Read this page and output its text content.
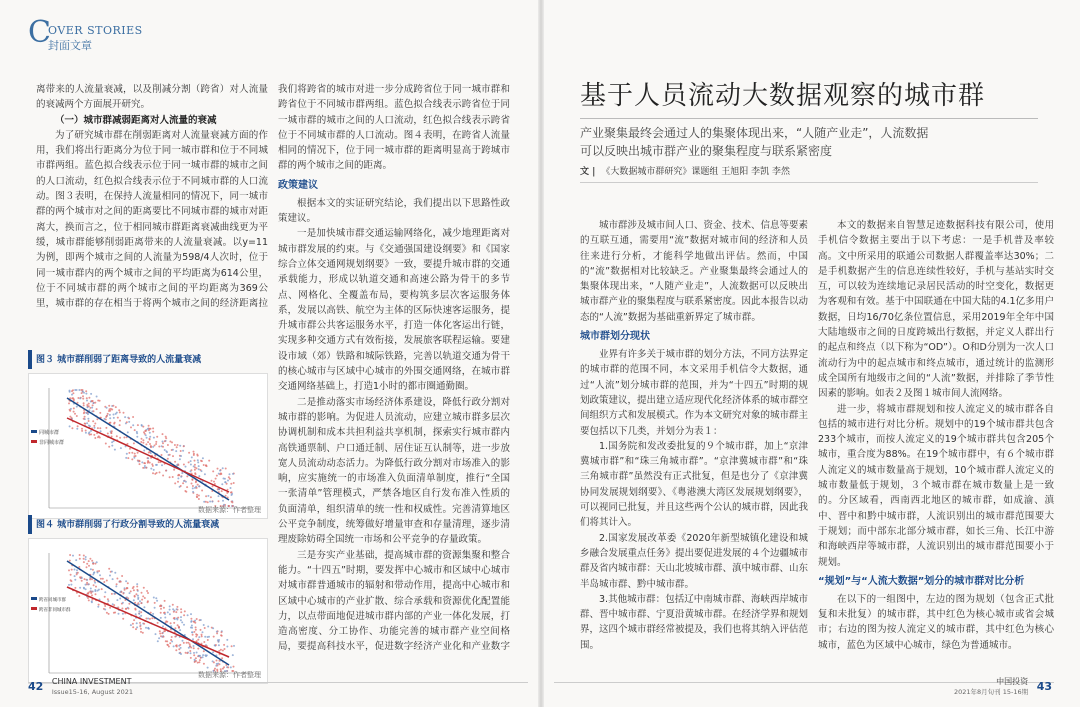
C
OVER STORIES
封面文章

离带来的人流量衰减，以及削减分割（跨省）对人流量的衰减两个方面展开研究。

（一）城市群减弱距离对人流量的衰减

为了研究城市群在削弱距离对人流量衰减方面的作用，我们将出行距离分为位于同一城市群和位于不同城市群两组。蓝色拟合线表示位于同一城市群的城市之间的人口流动，红色拟合线表示位于不同城市群的人口流动。图３表明，在保持人流量相同的情况下，同一城市群的两个城市对之间的距离要比不同城市群的城市对距离大，换而言之，位于相同城市群距离衰减曲线更为平缓，城市群能够削弱距离带来的人流量衰减。以y=11为例，即两个城市之间的人流量为598/4人次时，位于同一城市群内的两个城市之间的平均距离为614公里，位于不同城市群的两个城市之间的平均距离为369公里，城市群的存在相当于将两个城市之间的经济距离拉

图３ 城市群削弱了距离导致的人流量衰减
同城市群
非同城市群
数据来源：作者整理
图４ 城市群削弱了行政分割导致的人流量衰减
跨省同城市群
跨省非同城市群
数据来源：作者整理

我们将跨省的城市对进一步分成跨省位于同一城市群和跨省位于不同城市群两组。蓝色拟合线表示跨省位于同一城市群的城市之间的人口流动，红色拟合线表示跨省位于不同城市群的人口流动。图４表明，在跨省人流量相同的情况下，位于同一城市群的距离明显高于跨城市群的两个城市之间的距离。

政策建议

根据本文的实证研究结论，我们提出以下思路性政策建议。

一是加快城市群交通运输网络化，减少地理距离对城市群发展的约束。与《交通强国建设纲要》和《国家综合立体交通网规划纲要》一致，要提升城市群的交通承载能力，形成以轨道交通和高速公路为骨干的多节点、网格化、全覆盖布局，要构筑多层次客运服务体系，发展以高铁、航空为主体的区际快速客运服务，提升城市群公共客运服务水平，打造一体化客运出行链，实现多种交通方式有效衔接，发展旅客联程运输。要建设市域（郊）铁路和城际铁路，完善以轨道交通为骨干的核心城市与区域中心城市的外围交通网络，在城市群交通网络基础上，打造1小时的都市圈通勤圈。

二是推动落实市场经济体系建设，降低行政分割对城市群的影响。为促进人员流动，应建立城市群多层次协调机制和成本共担利益共享机制，探索实行城市群内高铁通票制、户口通迁制、居住证互认制等，进一步放宽人员流动动态活力。为降低行政分割对市场准入的影响，应实施统一的市场准入负面清单制度，推行“全国一张清单”管理模式，严禁各地区自行发布准入性质的负面清单，组织清单的统一性和权威性。完善清算地区公平竞争制度，统筹做好增量审查和存量清理，逐步清理废除妨碍全国统一市场和公平竞争的存量政策。

三是夯实产业基础，提高城市群的资源集聚和整合能力。“十四五”时期，要发挥中心城市和区域中心城市对城市群普通城市的辐射和带动作用，提高中心城市和区域中心城市的产业扩散、综合承载和资源优化配置能力，以点带面地促进城市群内部的产业一体化发展，打造高密度、分工协作、功能完善的城市群产业空间格局，要提高科技水平，促进数字经济产业化和产业数字

42 CHINA INVESTMENT
Issue15-16, August 2021
基于人员流动大数据观察的城市群
产业聚集最终会通过人的集聚体现出来，“人随产业走”，人流数据
可以反映出城市群产业的聚集程度与联系紧密度
文 | 《大数据城市群研究》课题组 王旭阳 李凯 李然

城市群涉及城市间人口、资金、技术、信息等要素的互联互通，需要用“流”数据对城市间的经济和人员往来进行分析，才能科学地做出评估。然而，中国的“流”数据相对比较缺乏。产业聚集最终会通过人的集聚体现出来，“人随产业走”，人流数据可以反映出城市群产业的聚集程度与联系紧密度。因此本报告以动态的“人流”数据为基础重新界定了城市群。

城市群划分现状

业界有许多关于城市群的划分方法，不同方法界定的城市群的范围不同，本文采用手机信令大数据，通过“人流”划分城市群的范围，并为“十四五”时期的规划政策建议，提出建立适应现代化经济体系的城市群空间组织方式和发展模式。作为本文研究对象的城市群主要包括以下几类，并划分为表１：

1.国务院和发改委批复的９个城市群，加上“京津冀城市群”和“珠三角城市群”。“京津冀城市群”和“珠三角城市群”虽然没有正式批复，但是也分了《京津冀协同发展规划纲要》、《粤港澳大湾区发展规划纲要》，可以视同已批复，并且这些两个公认的城市群，因此我们将其计入。

2.国家发展改革委《2020年新型城镇化建设和城乡融合发展重点任务》提出要促进发展的４个边疆城市群及省内城市群：天山北坡城市群、滇中城市群、山东半岛城市群、黔中城市群。

3.其他城市群：包括辽中南城市群、海峡西岸城市群、晋中城市群、宁夏沿黄城市群。在经济学界和规划界，这四个城市群经常被提及，我们也将其纳入评估范围。

本文的数据来自智慧足迹数据科技有限公司，使用手机信令数据主要出于以下考虑：一是手机普及率较高。文中所采用的联通公司数据人群覆盖率达30%；二是手机数据产生的信息连续性较好，手机与基站实时交互，可以较为连续地记录居民活动的时空变化，数据更为客观和有效。基于中国联通在中国大陆的4.1亿多用户数据，日均16/70亿条位置信息，采用2019年全年中国大陆地级市之间的日度跨城出行数据，并定义人群出行的起点和终点（以下称为“OD”）。O和D分别为一次人口流动行为中的起点城市和终点城市，通过统计的监测形成全国所有地级市之间的“人流”数据，并排除了季节性因素的影响。如表２及图１城市间人流网络。

进一步，将城市群规划和按人流定义的城市群各自包括的城市进行对比分析。规划中的19个城市群共包含233个城市，而按人流定义的19个城市群共包含205个城市，重合度为88%。在19个城市群中，有６个城市群人流定义的城市数量高于规划，10个城市群人流定义的城市数量低于规划，３个城市群在城市数量上是一致的。分区域看，西南西北地区的城市群，如成渝、滇中、晋中和黔中城市群，人流识别出的城市群范围要大于规划；而中部东北部分城市群，如长三角、长江中游和海峡西岸等城市群，人流识别出的城市群范围要小于规划。

“规划”与“人流大数据”划分的城市群对比分析

在以下的一组图中，左边的图为规划（包含正式批复和未批复）的城市群，其中红色为核心城市或省会城市；右边的图为按人流定义的城市群，其中红色为核心城市，蓝色为区域中心城市，绿色为普通城市。

中国投资
2021年8月旬刊 15-16期 43
